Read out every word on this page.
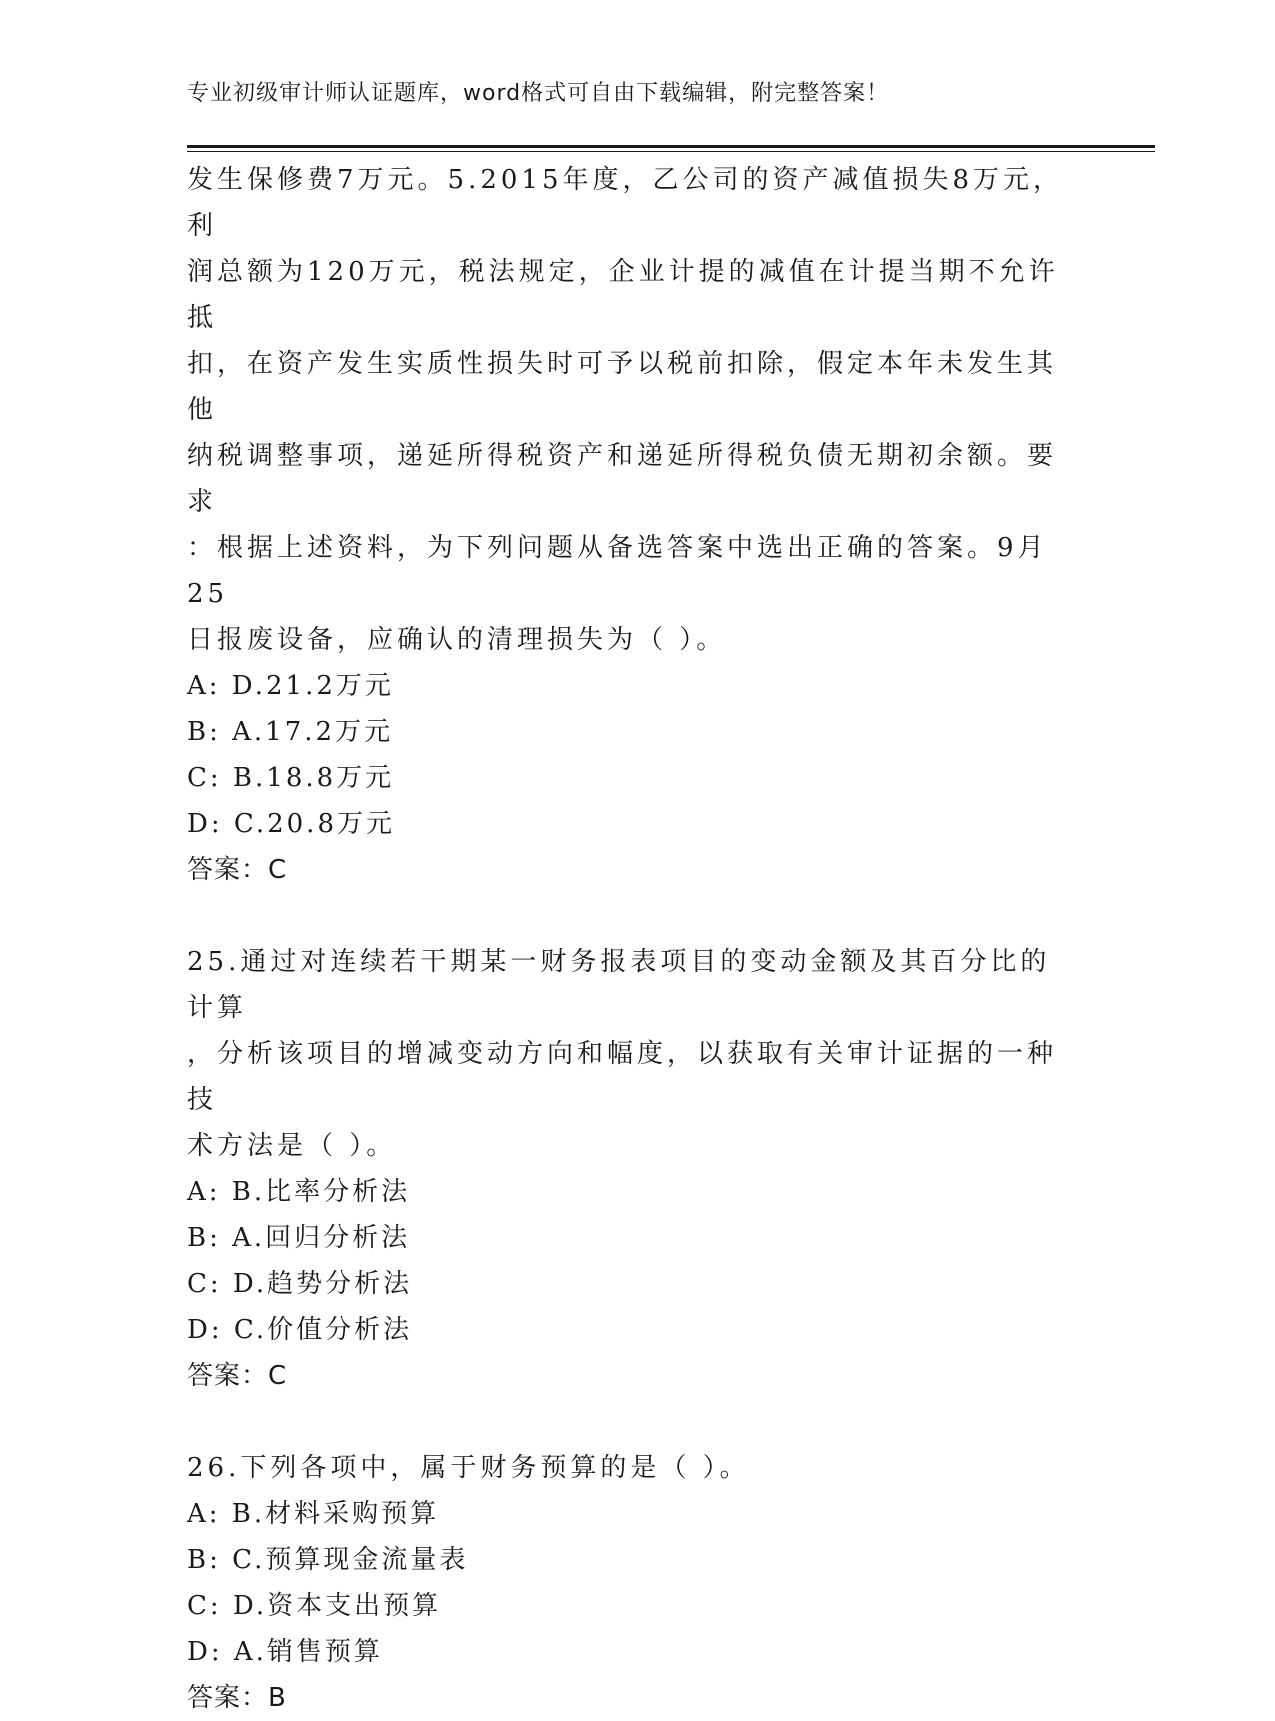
专业初级审计师认证题库，word格式可自由下载编辑，附完整答案！

发生保修费7万元。5.2015年度，乙公司的资产减值损失8万元，利

润总额为120万元，税法规定，企业计提的减值在计提当期不允许抵

扣，在资产发生实质性损失时可予以税前扣除，假定本年未发生其他

纳税调整事项，递延所得税资产和递延所得税负债无期初余额。要求

：根据上述资料，为下列问题从备选答案中选出正确的答案。9月25

日报废设备，应确认的清理损失为（ ）。

A: D.21.2万元

B: A.17.2万元

C: B.18.8万元

D: C.20.8万元

答案：C

25.通过对连续若干期某一财务报表项目的变动金额及其百分比的计算

，分析该项目的增减变动方向和幅度，以获取有关审计证据的一种技

术方法是（ ）。

A: B.比率分析法

B: A.回归分析法

C: D.趋势分析法

D: C.价值分析法

答案：C

26.下列各项中，属于财务预算的是（ ）。

A: B.材料采购预算

B: C.预算现金流量表

C: D.资本支出预算

D: A.销售预算

答案：B
